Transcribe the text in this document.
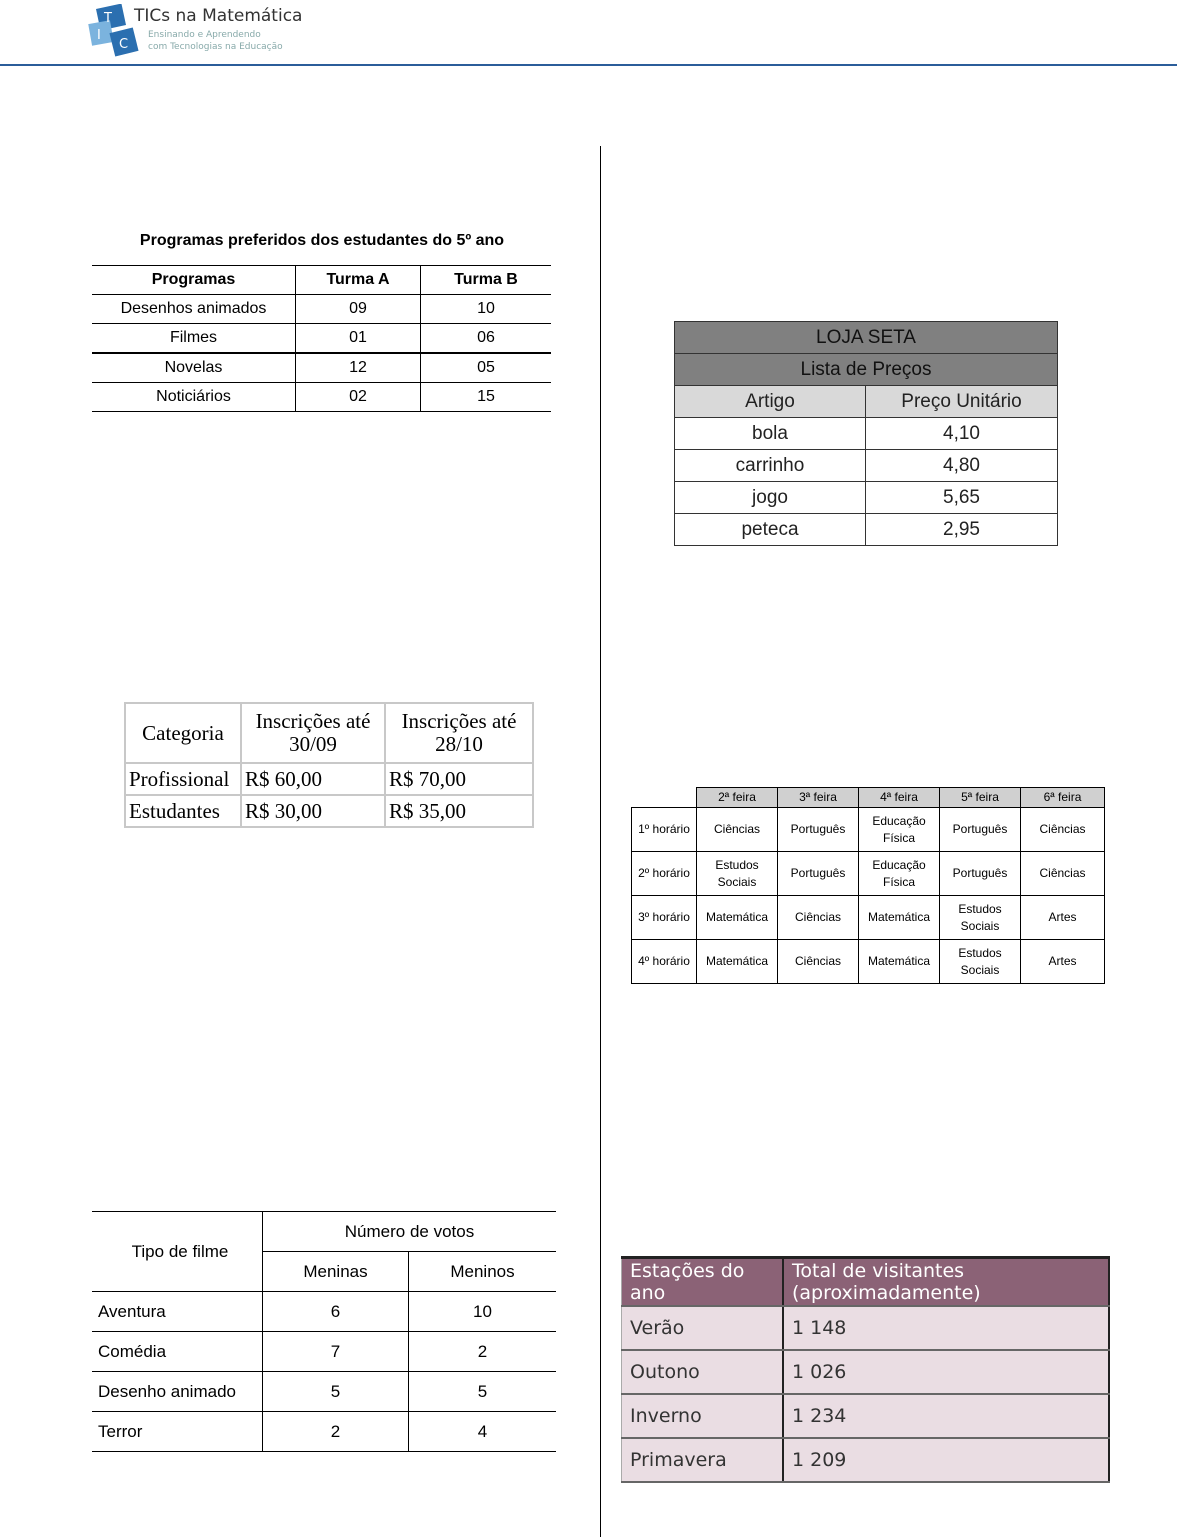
T
I
C
TICs na Matemática
Ensinando e Aprendendo
com Tecnologias na Educação
Programas preferidos dos estudantes do 5º ano
Programas	Turma A	Turma B
Desenhos animados	09	10
Filmes	01	06
Novelas	12	05
Noticiários	02	15
LOJA SETA	
Lista de Preços	
Artigo	Preço Unitário
bola	4,10
carrinho	4,80
jogo	5,65
peteca	2,95
Categoria	Inscrições até 30/09	Inscrições até 28/10
Profissional	R$ 60,00	R$ 70,00
Estudantes	R$ 30,00	R$ 35,00
	2ª feira	3ª feira	4ª feira	5ª feira	6ª feira
1º horário	Ciências	Português	Educação Física	Português	Ciências
2º horário	Estudos Sociais	Português	Educação Física	Português	Ciências
3º horário	Matemática	Ciências	Matemática	Estudos Sociais	Artes
4º horário	Matemática	Ciências	Matemática	Estudos Sociais	Artes
Tipo de filme	Número de votos	
	Meninas	Meninos
Aventura	6	10
Comédia	7	2
Desenho animado	5	5
Terror	2	4
Estações do ano	Total de visitantes (aproximadamente)
Verão	1 148
Outono	1 026
Inverno	1 234
Primavera	1 209
